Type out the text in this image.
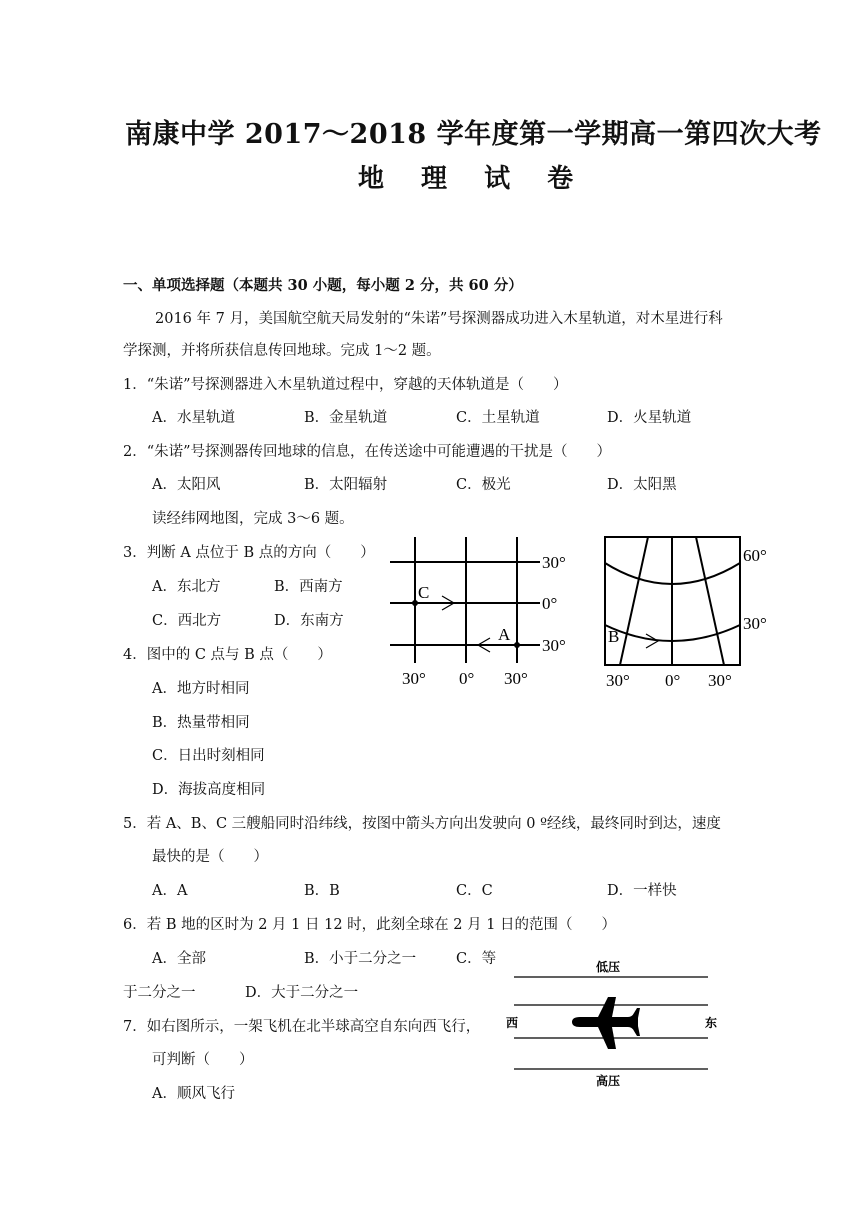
南康中学 2017～2018 学年度第一学期高一第四次大考
地 理 试 卷
一、单项选择题（本题共 30 小题，每小题 2 分，共 60 分）
2016 年 7 月，美国航空航天局发射的“朱诺”号探测器成功进入木星轨道，对木星进行科
学探测，并将所获信息传回地球。完成 1～2 题。
1．“朱诺”号探测器进入木星轨道过程中，穿越的天体轨道是（　　）
A．水星轨道	B．金星轨道	C．土星轨道	D．火星轨道
2．“朱诺”号探测器传回地球的信息，在传送途中可能遭遇的干扰是（　　）
A．太阳风	B．太阳辐射	C．极光	D．太阳黑
读经纬网地图，完成 3～6 题。
3．判断 A 点位于 B 点的方向（　　）
A．东北方	B．西南方
C．西北方	D．东南方
4．图中的 C 点与 B 点（　　）
A．地方时相同
B．热量带相同
C．日出时刻相同
D．海拔高度相同
5．若 A、B、C 三艘船同时沿纬线，按图中箭头方向出发驶向 0 º经线，最终同时到达，速度
最快的是（　　）
A．A	B．B	C．C	D．一样快
6．若 B 地的区时为 2 月 1 日 12 时，此刻全球在 2 月 1 日的范围（　　）
A．全部	B．小于二分之一	C．等
于二分之一	D．大于二分之一
7．如右图所示，一架飞机在北半球高空自东向西飞行，
可判断（　　）
A．顺风飞行
C
A
30°
0°
30°
30° 0° 30°
B
60°
30°
30° 0° 30°
低压
西	东
高压
